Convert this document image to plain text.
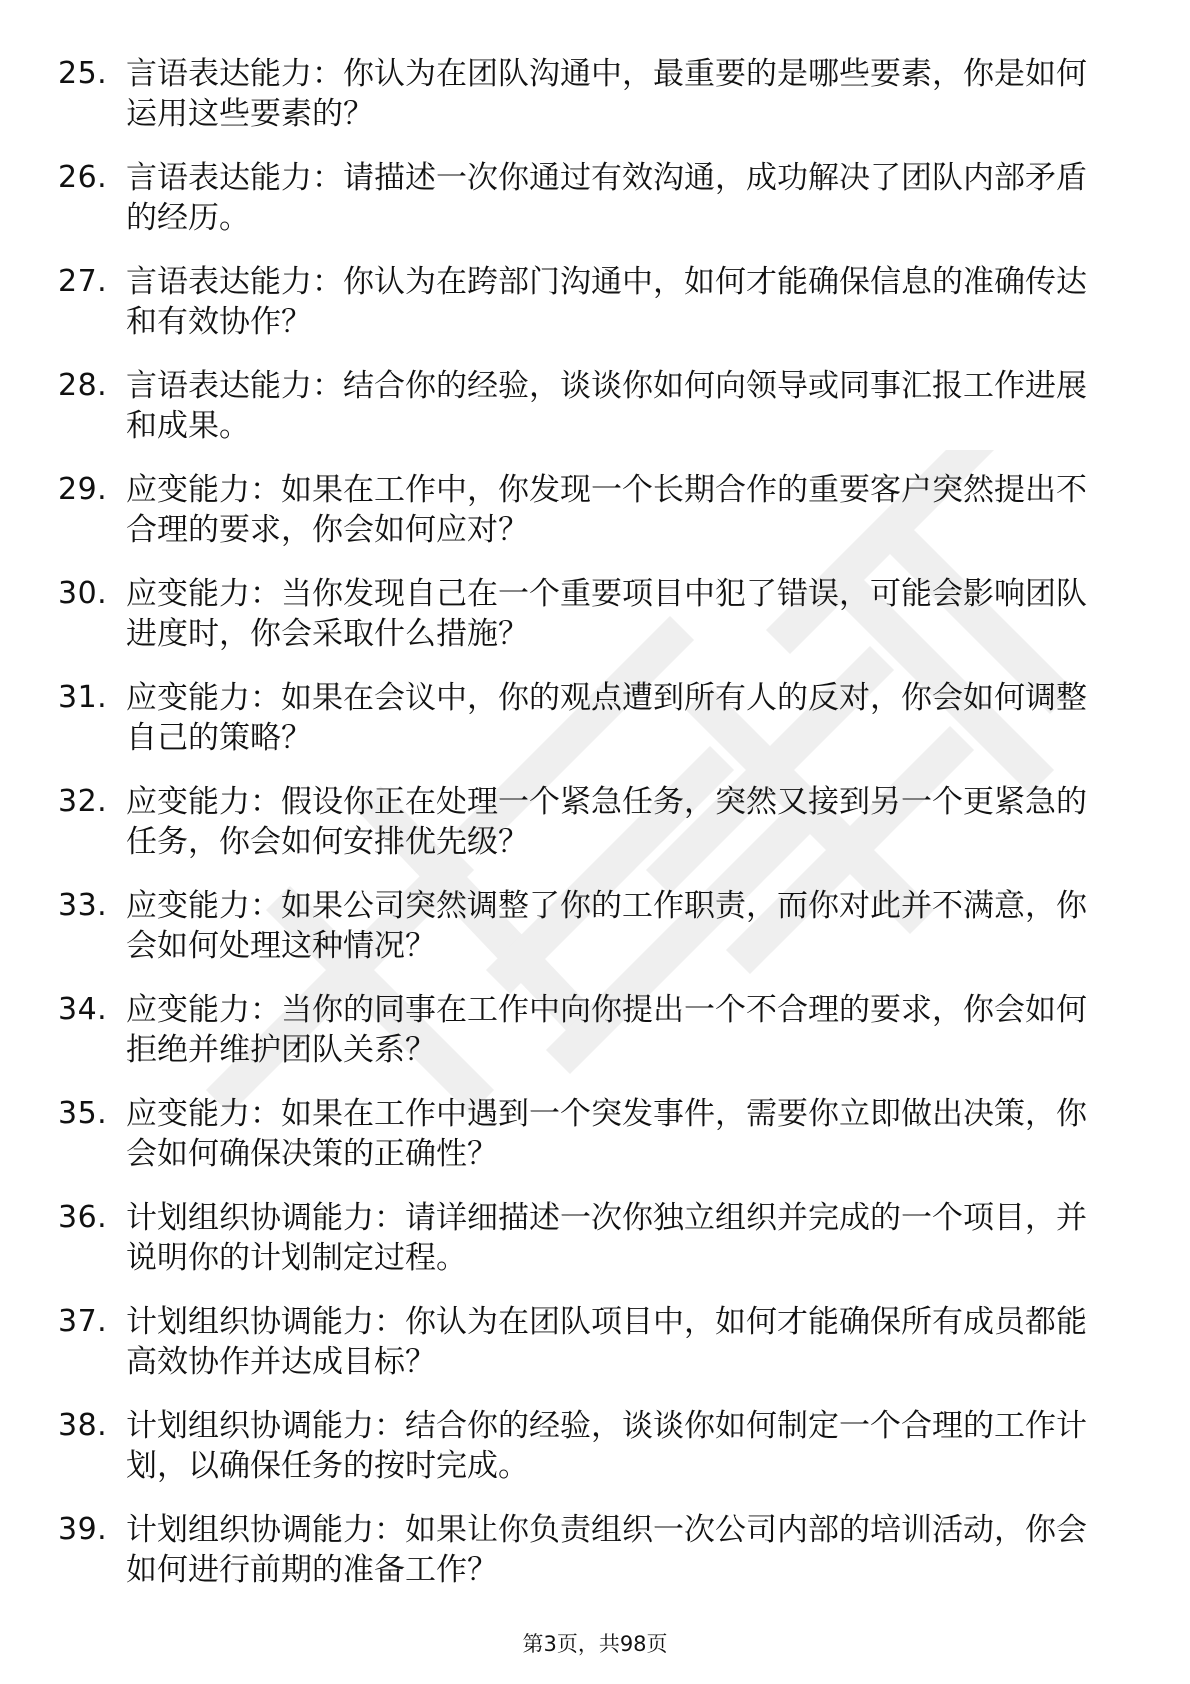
25. 言语表达能力：你认为在团队沟通中，最重要的是哪些要素，你是如何运用这些要素的？
26. 言语表达能力：请描述一次你通过有效沟通，成功解决了团队内部矛盾的经历。
27. 言语表达能力：你认为在跨部门沟通中，如何才能确保信息的准确传达和有效协作？
28. 言语表达能力：结合你的经验，谈谈你如何向领导或同事汇报工作进展和成果。
29. 应变能力：如果在工作中，你发现一个长期合作的重要客户突然提出不合理的要求，你会如何应对？
30. 应变能力：当你发现自己在一个重要项目中犯了错误，可能会影响团队进度时，你会采取什么措施？
31. 应变能力：如果在会议中，你的观点遭到所有人的反对，你会如何调整自己的策略？
32. 应变能力：假设你正在处理一个紧急任务，突然又接到另一个更紧急的任务，你会如何安排优先级？
33. 应变能力：如果公司突然调整了你的工作职责，而你对此并不满意，你会如何处理这种情况？
34. 应变能力：当你的同事在工作中向你提出一个不合理的要求，你会如何拒绝并维护团队关系？
35. 应变能力：如果在工作中遇到一个突发事件，需要你立即做出决策，你会如何确保决策的正确性？
36. 计划组织协调能力：请详细描述一次你独立组织并完成的一个项目，并说明你的计划制定过程。
37. 计划组织协调能力：你认为在团队项目中，如何才能确保所有成员都能高效协作并达成目标？
38. 计划组织协调能力：结合你的经验，谈谈你如何制定一个合理的工作计划，以确保任务的按时完成。
39. 计划组织协调能力：如果让你负责组织一次公司内部的培训活动，你会如何进行前期的准备工作？
第3页，共98页
